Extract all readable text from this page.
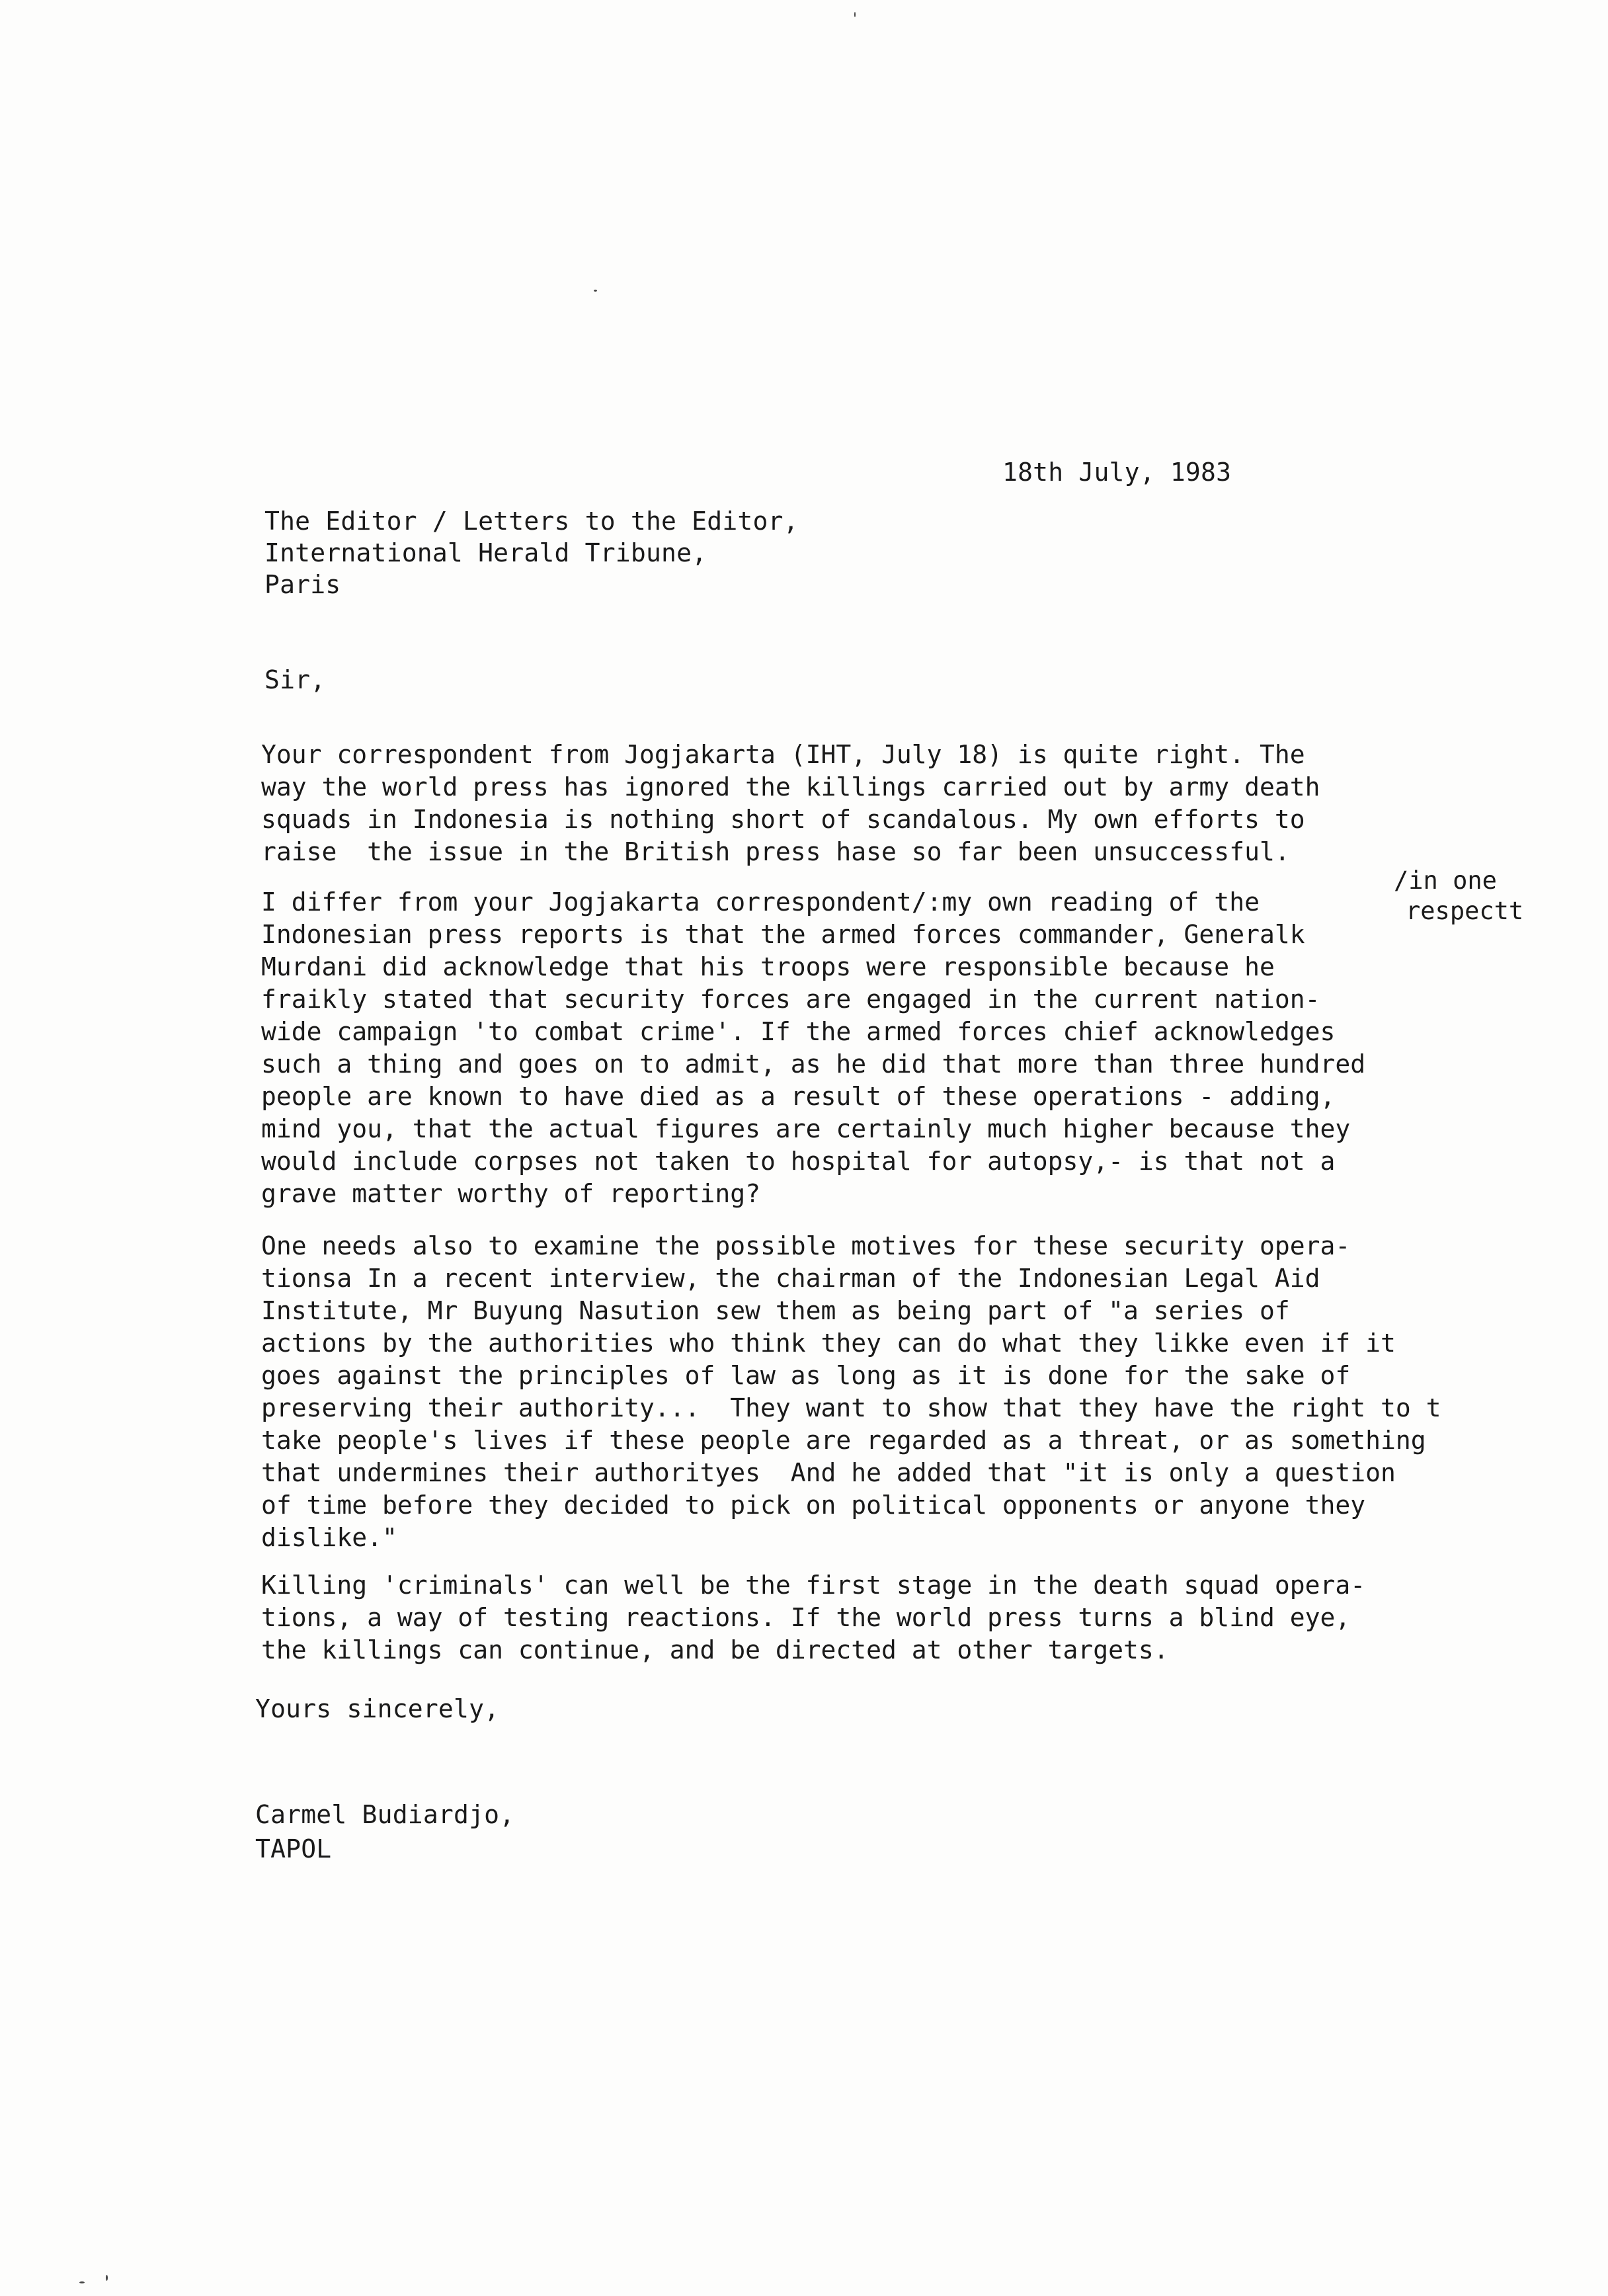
18th July, 1983
The Editor / Letters to the Editor,
International Herald Tribune,
Paris
Sir,
Your correspondent from Jogjakarta (IHT, July 18) is quite right. The
way the world press has ignored the killings carried out by army death
squads in Indonesia is nothing short of scandalous. My own efforts to
raise  the issue in the British press hase so far been unsuccessful.
I differ from your Jogjakarta correspondent/:my own reading of the
Indonesian press reports is that the armed forces commander, Generalk
Murdani did acknowledge that his troops were responsible because he
fraikly stated that security forces are engaged in the current nation-
wide campaign 'to combat crime'. If the armed forces chief acknowledges
such a thing and goes on to admit, as he did that more than three hundred
people are known to have died as a result of these operations - adding,
mind you, that the actual figures are certainly much higher because they
would include corpses not taken to hospital for autopsy,- is that not a
grave matter worthy of reporting?
/in one
respectt
One needs also to examine the possible motives for these security opera-
tionsa In a recent interview, the chairman of the Indonesian Legal Aid
Institute, Mr Buyung Nasution sew them as being part of "a series of
actions by the authorities who think they can do what they likke even if it
goes against the principles of law as long as it is done for the sake of
preserving their authority...  They want to show that they have the right to t
take people's lives if these people are regarded as a threat, or as something
that undermines their authorityes  And he added that "it is only a question
of time before they decided to pick on political opponents or anyone they
dislike."
Killing 'criminals' can well be the first stage in the death squad opera-
tions, a way of testing reactions. If the world press turns a blind eye,
the killings can continue, and be directed at other targets.
Yours sincerely,
Carmel Budiardjo,
TAPOL
